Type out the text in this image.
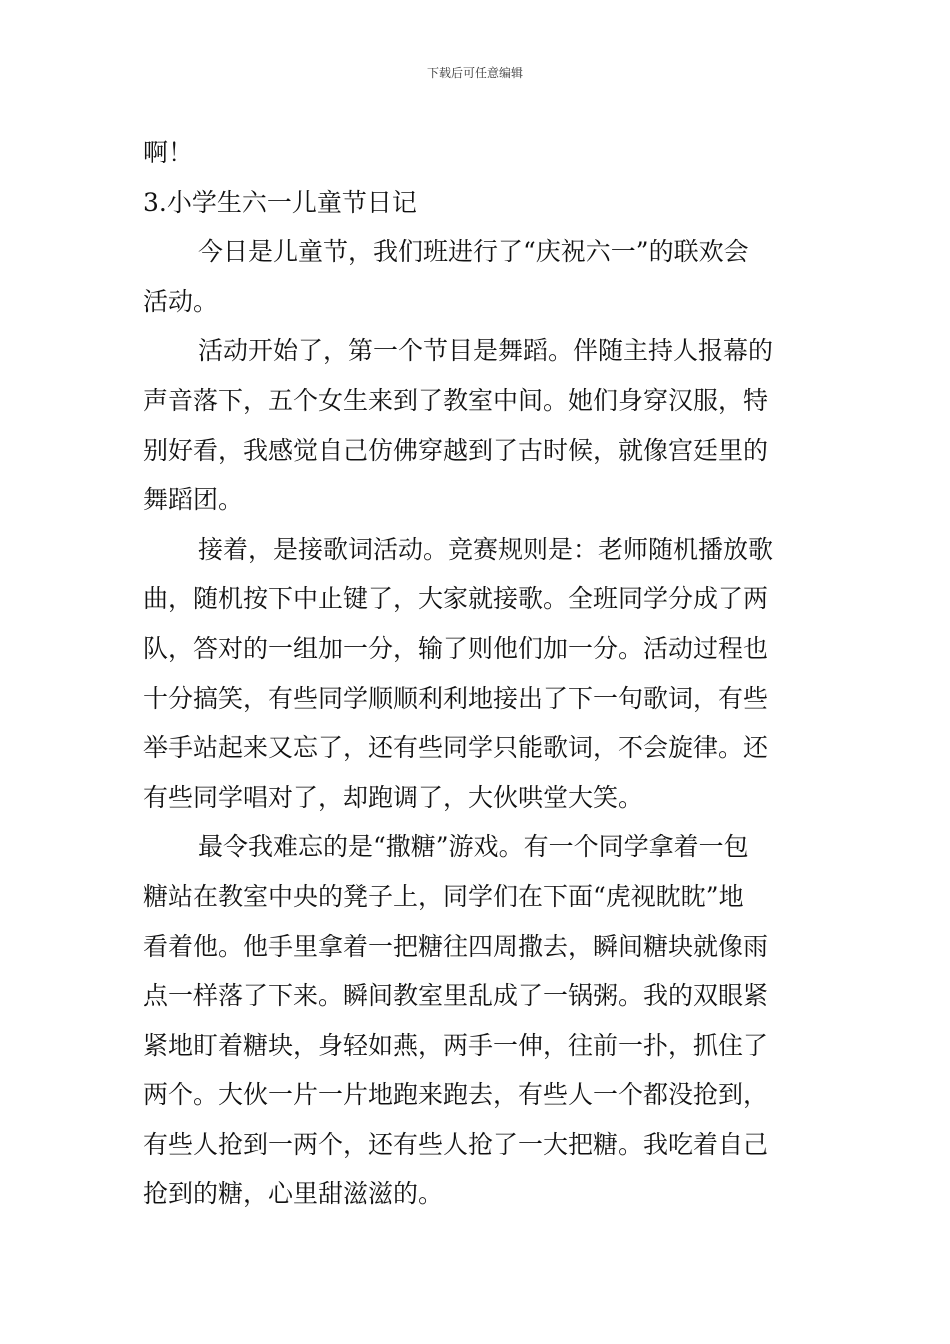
下载后可任意编辑

啊！

3.小学生六一儿童节日记

今日是儿童节，我们班进行了“庆祝六一”的联欢会

活动。

活动开始了，第一个节目是舞蹈。伴随主持人报幕的

声音落下，五个女生来到了教室中间。她们身穿汉服，特

别好看，我感觉自己仿佛穿越到了古时候，就像宫廷里的

舞蹈团。

接着，是接歌词活动。竞赛规则是：老师随机播放歌

曲，随机按下中止键了，大家就接歌。全班同学分成了两

队，答对的一组加一分，输了则他们加一分。活动过程也

十分搞笑，有些同学顺顺利利地接出了下一句歌词，有些

举手站起来又忘了，还有些同学只能歌词，不会旋律。还

有些同学唱对了，却跑调了，大伙哄堂大笑。

最令我难忘的是“撒糖”游戏。有一个同学拿着一包

糖站在教室中央的凳子上，同学们在下面“虎视眈眈”地

看着他。他手里拿着一把糖往四周撒去，瞬间糖块就像雨

点一样落了下来。瞬间教室里乱成了一锅粥。我的双眼紧

紧地盯着糖块，身轻如燕，两手一伸，往前一扑，抓住了

两个。大伙一片一片地跑来跑去，有些人一个都没抢到，

有些人抢到一两个，还有些人抢了一大把糖。我吃着自己

抢到的糖，心里甜滋滋的。
